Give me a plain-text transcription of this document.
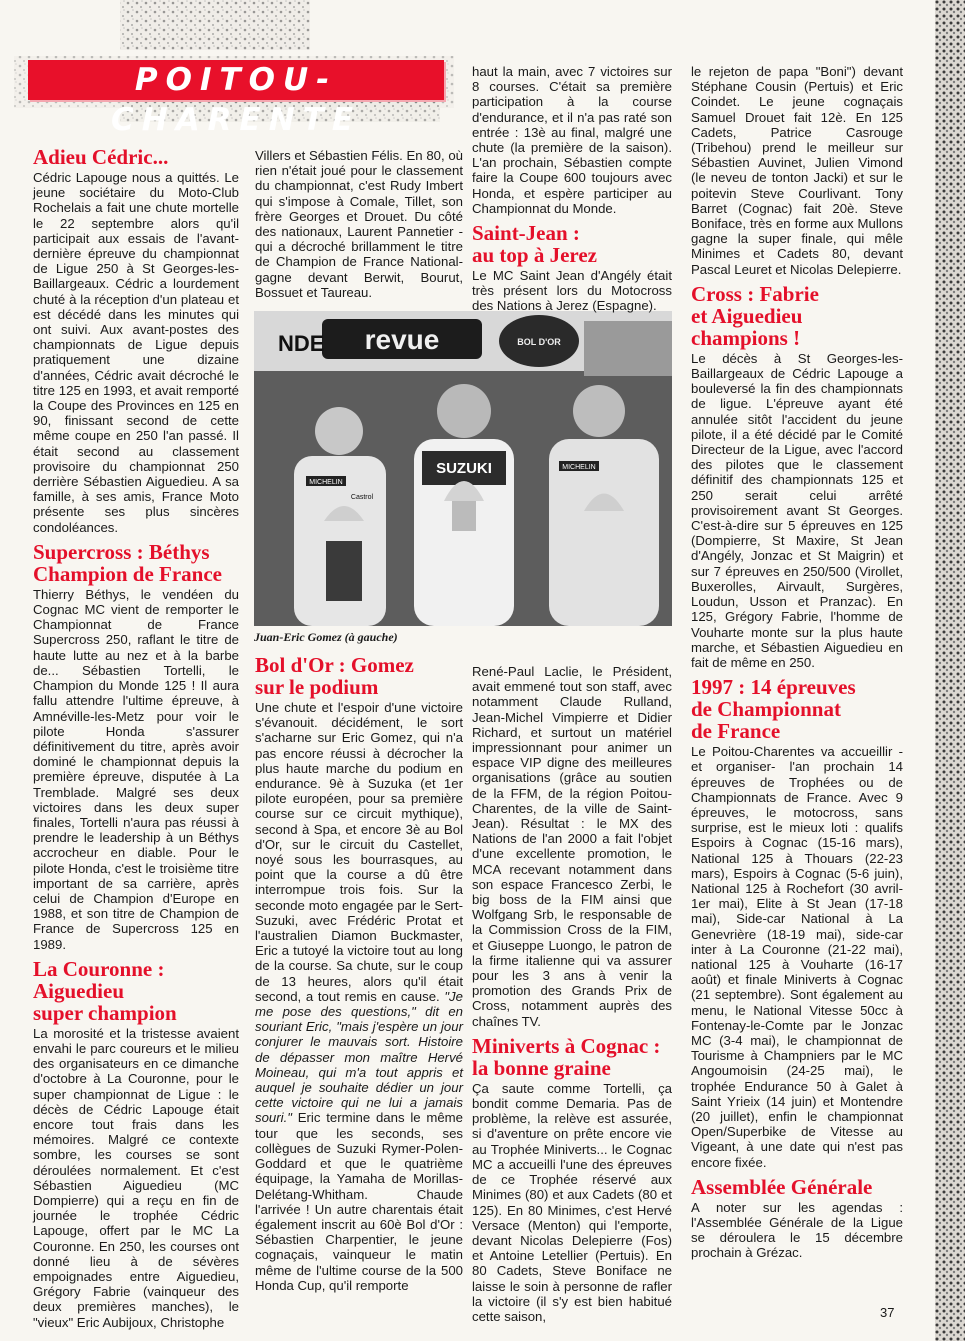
POITOU-CHARENTE
Adieu Cédric...

Cédric Lapouge nous a quittés. Le jeune sociétaire du Moto-Club Rochelais a fait une chute mortelle le 22 septembre alors qu'il participait aux essais de l'avant-dernière épreuve du championnat de Ligue 250 à St Georges-les-Baillargeaux. Cédric a lourdement chuté à la réception d'un plateau et est décédé dans les minutes qui ont suivi. Aux avant-postes des championnats de Ligue depuis pratiquement une dizaine d'années, Cédric avait décroché le titre 125 en 1993, et avait remporté la Coupe des Provinces en 125 en 90, finissant second de cette même coupe en 250 l'an passé. Il était second au classement provisoire du championnat 250 derrière Sébastien Aiguedieu. A sa famille, à ses amis, France Moto présente ses plus sincères condoléances.

Supercross : Béthys
Champion de France

Thierry Béthys, le vendéen du Cognac MC vient de remporter le Championnat de France Supercross 250, raflant le titre de haute lutte au nez et à la barbe de... Sébastien Tortelli, le Champion du Monde 125 ! Il aura fallu attendre l'ultime épreuve, à Amnéville-les-Metz pour voir le pilote Honda s'assurer définitivement du titre, après avoir dominé le championnat depuis la première épreuve, disputée à La Tremblade. Malgré ses deux victoires dans les deux super finales, Tortelli n'aura pas réussi à prendre le leadership à un Béthys accrocheur en diable. Pour le pilote Honda, c'est le troisième titre important de sa carrière, après celui de Champion d'Europe en 1988, et son titre de Champion de France de Supercross 125 en 1989.

La Couronne :
Aiguedieu
super champion

La morosité et la tristesse avaient envahi le parc coureurs et le milieu des organisateurs en ce dimanche d'octobre à La Couronne, pour le super championnat de Ligue : le décès de Cédric Lapouge était encore tout frais dans les mémoires. Malgré ce contexte sombre, les courses se sont déroulées normalement. Et c'est Sébastien Aiguedieu (MC Dompierre) qui a reçu en fin de journée le trophée Cédric Lapouge, offert par le MC La Couronne. En 250, les courses ont donné lieu à de sévères empoignades entre Aiguedieu, Grégory Fabrie (vainqueur des deux premières manches), le "vieux" Eric Aubijoux, Christophe

Villers et Sébastien Félis. En 80, où rien n'était joué pour le classement du championnat, c'est Rudy Imbert qui s'impose à Comale, Tillet, son frère Georges et Drouet. Du côté des nationaux, Laurent Pannetier -qui a décroché brillamment le titre de Champion de France National- gagne devant Berwit, Bourut, Bossuet et Taureau.

revue
NDE	BOL D'OR
MICHELIN
Castrol
SUZUKI	MICHELIN
Juan-Eric Gomez (à gauche)
Bol d'Or : Gomez
sur le podium

Une chute et l'espoir d'une victoire s'évanouit. décidément, le sort s'acharne sur Eric Gomez, qui n'a pas encore réussi à décrocher la plus haute marche du podium en endurance. 9è à Suzuka (et 1er pilote européen, pour sa première course sur ce circuit mythique), second à Spa, et encore 3è au Bol d'Or, sur le circuit du Castellet, noyé sous les bourrasques, au point que la course a dû être interrompue trois fois. Sur la seconde moto engagée par le Sert-Suzuki, avec Frédéric Protat et l'australien Diamon Buckmaster, Eric a tutoyé la victoire tout au long de la course. Sa chute, sur le coup de 13 heures, alors qu'il était second, a tout remis en cause. "Je me pose des questions," dit en souriant Eric, "mais j'espère un jour conjurer le mauvais sort. Histoire de dépasser mon maître Hervé Moineau, qui m'a tout appris et auquel je souhaite dédier un jour cette victoire qui ne lui a jamais souri." Eric termine dans le même tour que les seconds, ses collègues de Suzuki Rymer-Polen-Goddard et que le quatrième équipage, la Yamaha de Morillas-Delétang-Whitham. Chaude l'arrivée ! Un autre charentais était également inscrit au 60è Bol d'Or : Sébastien Charpentier, le jeune cognaçais, vainqueur le matin même de l'ultime course de la 500 Honda Cup, qu'il remporte

haut la main, avec 7 victoires sur 8 courses. C'était sa première participation à la course d'endurance, et il n'a pas raté son entrée : 13è au final, malgré une chute (la première de la saison). L'an prochain, Sébastien compte faire la Coupe 600 toujours avec Honda, et espère participer au Championnat du Monde.

Saint-Jean :
au top à Jerez

Le MC Saint Jean d'Angély était très présent lors du Motocross des Nations à Jerez (Espagne).

René-Paul Laclie, le Président, avait emmené tout son staff, avec notamment Claude Rulland, Jean-Michel Vimpierre et Didier Richard, et surtout un matériel impressionnant pour animer un espace VIP digne des meilleures organisations (grâce au soutien de la FFM, de la région Poitou-Charentes, de la ville de Saint-Jean). Résultat : le MX des Nations de l'an 2000 a fait l'objet d'une excellente promotion, le MCA recevant notamment dans son espace Francesco Zerbi, le big boss de la FIM ainsi que Wolfgang Srb, le responsable de la Commission Cross de la FIM, et Giuseppe Luongo, le patron de la firme italienne qui va assurer pour les 3 ans à venir la promotion des Grands Prix de Cross, notamment auprès des chaînes TV.

Miniverts à Cognac :
la bonne graine

Ça saute comme Tortelli, ça bondit comme Demaria. Pas de problème, la relève est assurée, si d'aventure on prête encore vie au Trophée Miniverts... le Cognac MC a accueilli l'une des épreuves de ce Trophée réservé aux Minimes (80) et aux Cadets (80 et 125). En 80 Minimes, c'est Hervé Versace (Menton) qui l'emporte, devant Nicolas Delepierre (Fos) et Antoine Letellier (Pertuis). En 80 Cadets, Steve Boniface ne laisse le soin à personne de rafler la victoire (il s'y est bien habitué cette saison,

le rejeton de papa "Boni") devant Stéphane Cousin (Pertuis) et Eric Coindet. Le jeune cognaçais Samuel Drouet fait 12è. En 125 Cadets, Patrice Casrouge (Tribehou) prend le meilleur sur Sébastien Auvinet, Julien Vimond (le neveu de tonton Jacki) et sur le poitevin Steve Courlivant. Tony Barret (Cognac) fait 20è. Steve Boniface, très en forme aux Mullons gagne la super finale, qui mêle Minimes et Cadets 80, devant Pascal Leuret et Nicolas Delepierre.

Cross : Fabrie
et Aiguedieu
champions !

Le décès à St Georges-les-Baillargeaux de Cédric Lapouge a bouleversé la fin des championnats de ligue. L'épreuve ayant été annulée sitôt l'accident du jeune pilote, il a été décidé par le Comité Directeur de la Ligue, avec l'accord des pilotes que le classement définitif des championnats 125 et 250 serait celui arrêté provisoirement avant St Georges. C'est-à-dire sur 5 épreuves en 125 (Dompierre, St Maxire, St Jean d'Angély, Jonzac et St Maigrin) et sur 7 épreuves en 250/500 (Virollet, Buxerolles, Airvault, Surgères, Loudun, Usson et Pranzac). En 125, Grégory Fabrie, l'homme de Vouharte monte sur la plus haute marche, et Sébastien Aiguedieu en fait de même en 250.

1997 : 14 épreuves
de Championnat
de France

Le Poitou-Charentes va accueillir -et organiser- l'an prochain 14 épreuves de Trophées ou de Championnats de France. Avec 9 épreuves, le motocross, sans surprise, est le mieux loti : qualifs Espoirs à Cognac (15-16 mars), National 125 à Thouars (22-23 mars), Espoirs à Cognac (5-6 juin), National 125 à Rochefort (30 avril-1er mai), Elite à St Jean (17-18 mai), Side-car National à La Genevrière (18-19 mai), side-car inter à La Couronne (21-22 mai), national 125 à Vouharte (16-17 août) et finale Miniverts à Cognac (21 septembre). Sont également au menu, le National Vitesse 50cc à Fontenay-le-Comte par le Jonzac MC (3-4 mai), le championnat de Tourisme à Champniers par le MC Angoumoisin (24-25 mai), le trophée Endurance 50 à Galet à Saint Yrieix (14 juin) et Montendre (20 juillet), enfin le championnat Open/Superbike de Vitesse au Vigeant, à une date qui n'est pas encore fixée.

Assemblée Générale

A noter sur les agendas : l'Assemblée Générale de la Ligue se déroulera le 15 décembre prochain à Grézac.

37
